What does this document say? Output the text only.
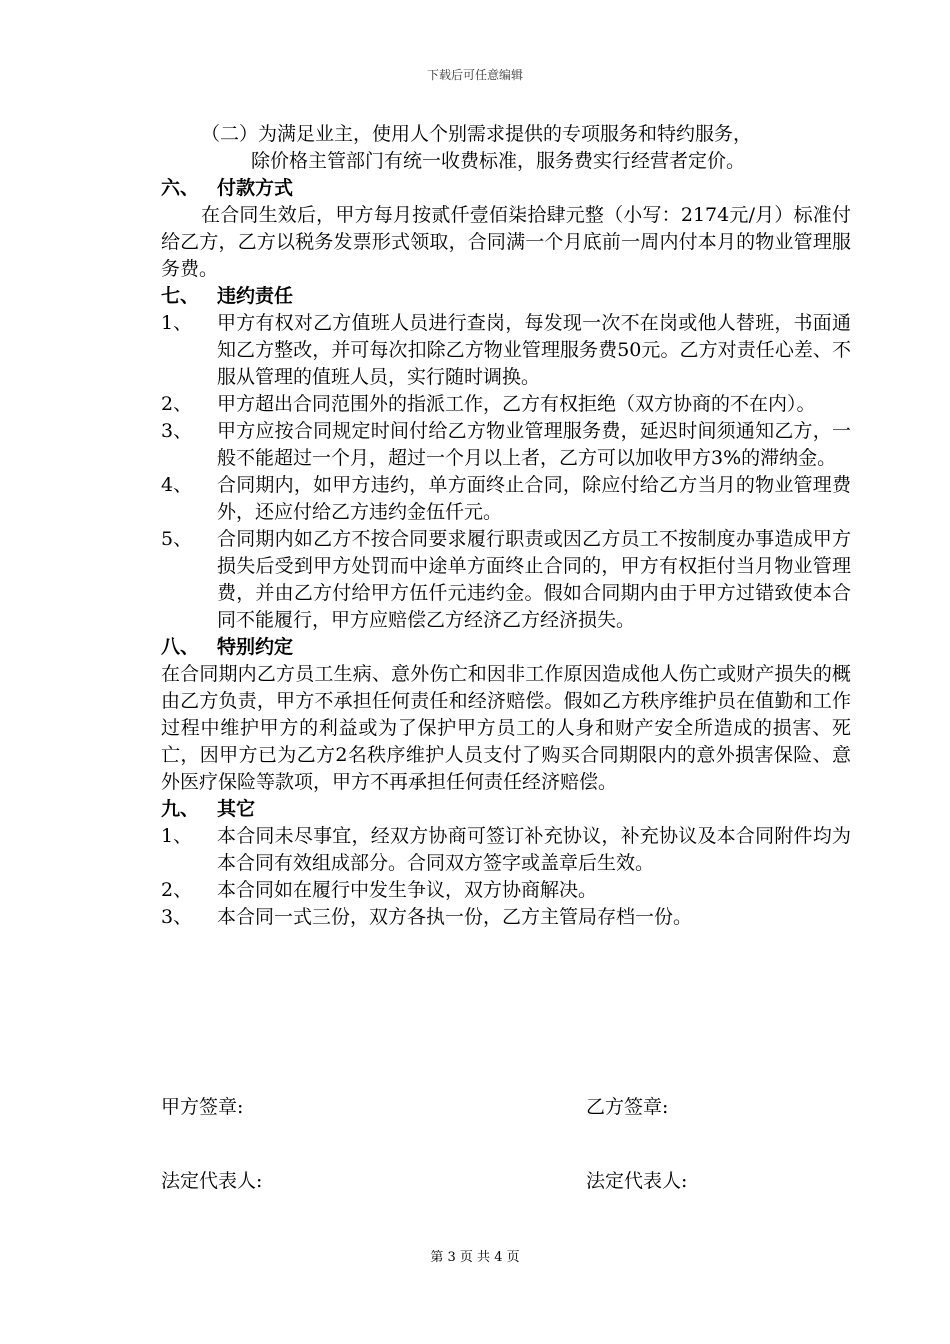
下载后可任意编辑
（二）为满足业主，使用人个别需求提供的专项服务和特约服务，
除价格主管部门有统一收费标准，服务费实行经营者定价。
六、 付款方式
在合同生效后，甲方每月按贰仟壹佰柒拾肆元整（小写：2174元/月）标准付给乙方，乙方以税务发票形式领取，合同满一个月底前一周内付本月的物业管理服务费。
七、 违约责任
1、	甲方有权对乙方值班人员进行查岗，每发现一次不在岗或他人替班，书面通知乙方整改，并可每次扣除乙方物业管理服务费50元。乙方对责任心差、不服从管理的值班人员，实行随时调换。
2、	甲方超出合同范围外的指派工作，乙方有权拒绝（双方协商的不在内）。
3、	甲方应按合同规定时间付给乙方物业管理服务费，延迟时间须通知乙方，一般不能超过一个月，超过一个月以上者，乙方可以加收甲方3%的滞纳金。
4、	合同期内，如甲方违约，单方面终止合同，除应付给乙方当月的物业管理费外，还应付给乙方违约金伍仟元。
5、	合同期内如乙方不按合同要求履行职责或因乙方员工不按制度办事造成甲方损失后受到甲方处罚而中途单方面终止合同的，甲方有权拒付当月物业管理费，并由乙方付给甲方伍仟元违约金。假如合同期内由于甲方过错致使本合同不能履行，甲方应赔偿乙方经济乙方经济损失。
八、 特别约定
在合同期内乙方员工生病、意外伤亡和因非工作原因造成他人伤亡或财产损失的概由乙方负责，甲方不承担任何责任和经济赔偿。假如乙方秩序维护员在值勤和工作过程中维护甲方的利益或为了保护甲方员工的人身和财产安全所造成的损害、死亡，因甲方已为乙方2名秩序维护人员支付了购买合同期限内的意外损害保险、意外医疗保险等款项，甲方不再承担任何责任经济赔偿。
九、 其它
1、	本合同未尽事宜，经双方协商可签订补充协议，补充协议及本合同附件均为本合同有效组成部分。合同双方签字或盖章后生效。
2、	本合同如在履行中发生争议，双方协商解决。
3、	本合同一式三份，双方各执一份，乙方主管局存档一份。
甲方签章:	乙方签章:
法定代表人:	法定代表人:
第 3 页 共 4 页
